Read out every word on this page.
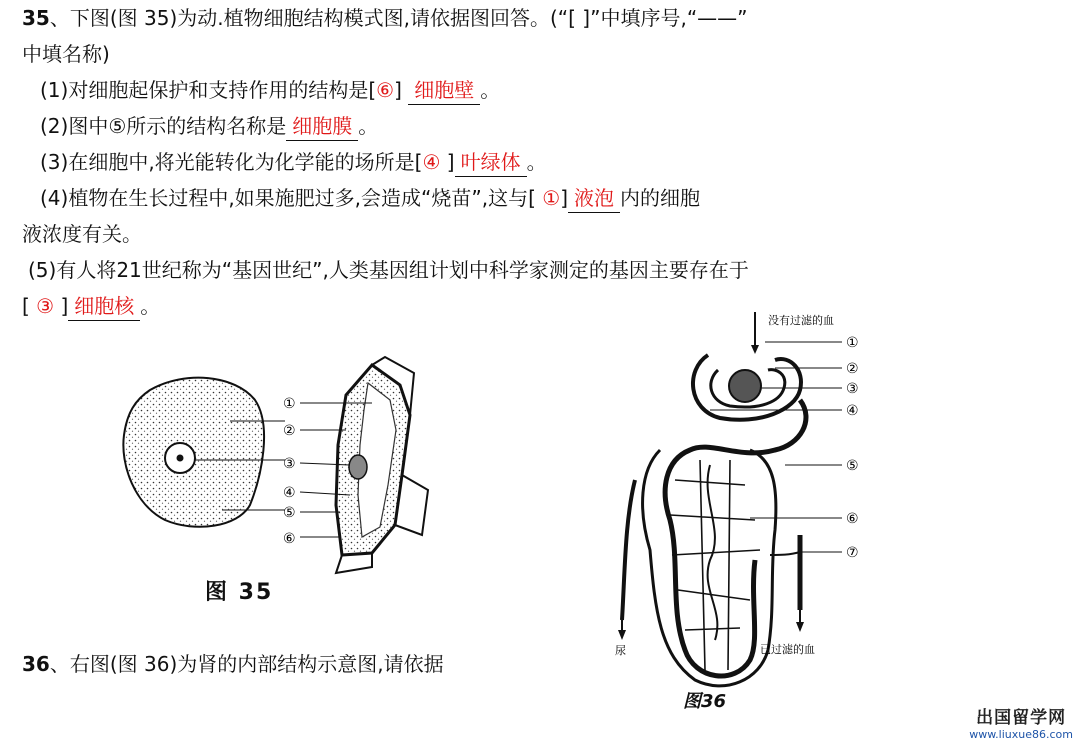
35、下图(图 35)为动.植物细胞结构模式图,请依据图回答。(“[ ]”中填序号,“——”
中填名称)
(1)对细胞起保护和支持作用的结构是[⑥] 细胞壁 。
(2)图中⑤所示的结构名称是 细胞膜 。
(3)在细胞中,将光能转化为化学能的场所是[④ ] 叶绿体 。
(4)植物在生长过程中,如果施肥过多,会造成“烧苗”,这与[ ①] 液泡 内的细胞
液浓度有关。
(5)有人将21世纪称为“基因世纪”,人类基因组计划中科学家测定的基因主要存在于
[ ③ ] 细胞核 。
①
②
③
④
⑤
⑥
图 35
36、右图(图 36)为肾的内部结构示意图,请依据
没有过滤的血
尿	已过滤的血
①
②
③
④
⑤
⑥
⑦
图36
出国留学网
www.liuxue86.com
